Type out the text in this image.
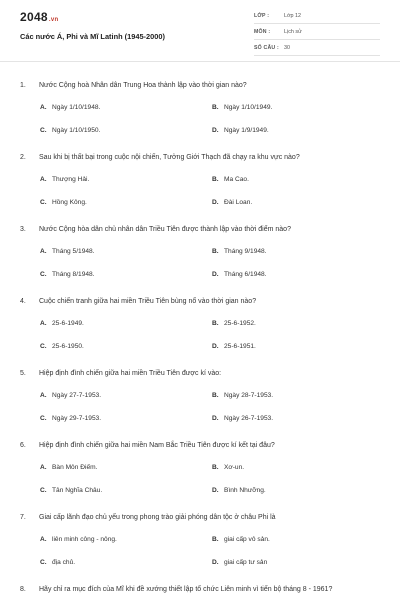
2048.vn
Các nước Á, Phi và Mĩ Latinh (1945-2000)
LỚP :	Lớp 12
MÔN :	Lịch sử
SỐ CÂU : 30
1. Nước Cộng hoà Nhân dân Trung Hoa thành lập vào thời gian nào?
A. Ngày 1/10/1948.	B. Ngày 1/10/1949.
C. Ngày 1/10/1950.	D. Ngày 1/9/1949.
2. Sau khi bị thất bại trong cuộc nội chiến, Tưởng Giới Thạch đã chạy ra khu vực nào?
A. Thượng Hải.	B. Ma Cao.
C. Hồng Kông.	D. Đài Loan.
3. Nước Cộng hòa dân chủ nhân dân Triều Tiên được thành lập vào thời điểm nào?
A. Tháng 5/1948.	B. Tháng 9/1948.
C. Tháng 8/1948.	D. Tháng 6/1948.
4. Cuộc chiến tranh giữa hai miền Triều Tiên bùng nổ vào thời gian nào?
A. 25-6-1949.	B. 25-6-1952.
C. 25-6-1950.	D. 25-6-1951.
5. Hiệp định đình chiến giữa hai miền Triều Tiên được kí vào:
A. Ngày 27-7-1953.	B. Ngày 28-7-1953.
C. Ngày 29-7-1953.	D. Ngày 26-7-1953.
6. Hiệp định đình chiến giữa hai miền Nam Bắc Triều Tiên được kí kết tại đâu?
A. Bàn Môn Điếm.	B. Xơ-un.
C. Tân Nghĩa Châu.	D. Bình Nhưỡng.
7. Giai cấp lãnh đạo chủ yếu trong phong trào giải phóng dân tộc ở châu Phi là
A. liên minh công - nông.	B. giai cấp vô sản.
C. địa chủ.	D. giai cấp tư sản
8. Hãy chỉ ra mục đích của Mĩ khi đề xướng thiết lập tổ chức Liên minh vì tiến bộ tháng 8 - 1961?
